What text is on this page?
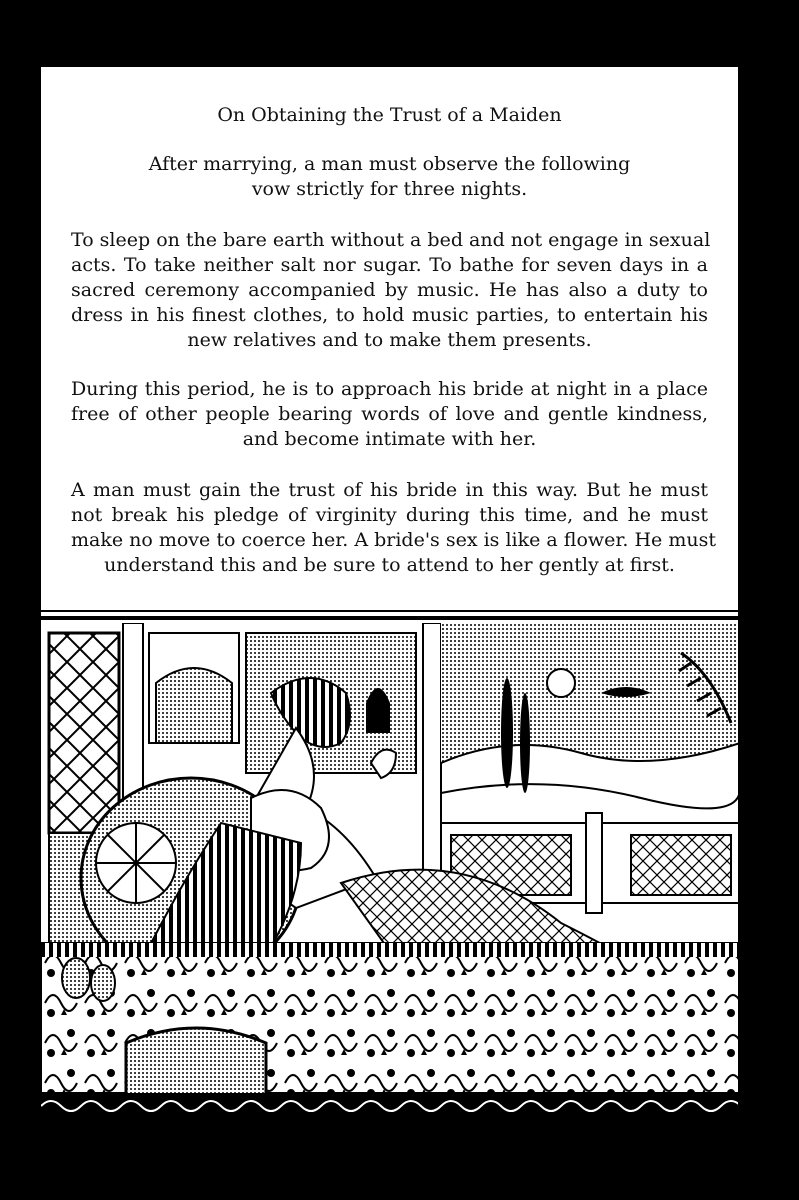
On Obtaining the Trust of a Maiden
After marrying, a man must observe the following
vow strictly for three nights.
To sleep on the bare earth without a bed and not engage in sexual
acts. To take neither salt nor sugar. To bathe for seven days in a
sacred ceremony accompanied by music. He has also a duty to
dress in his finest clothes, to hold music parties, to entertain his
new relatives and to make them presents.
During this period, he is to approach his bride at night in a place
free of other people bearing words of love and gentle kindness,
and become intimate with her.
A man must gain the trust of his bride in this way. But he must
not break his pledge of virginity during this time, and he must
make no move to coerce her. A bride's sex is like a flower. He must
understand this and be sure to attend to her gently at first.
